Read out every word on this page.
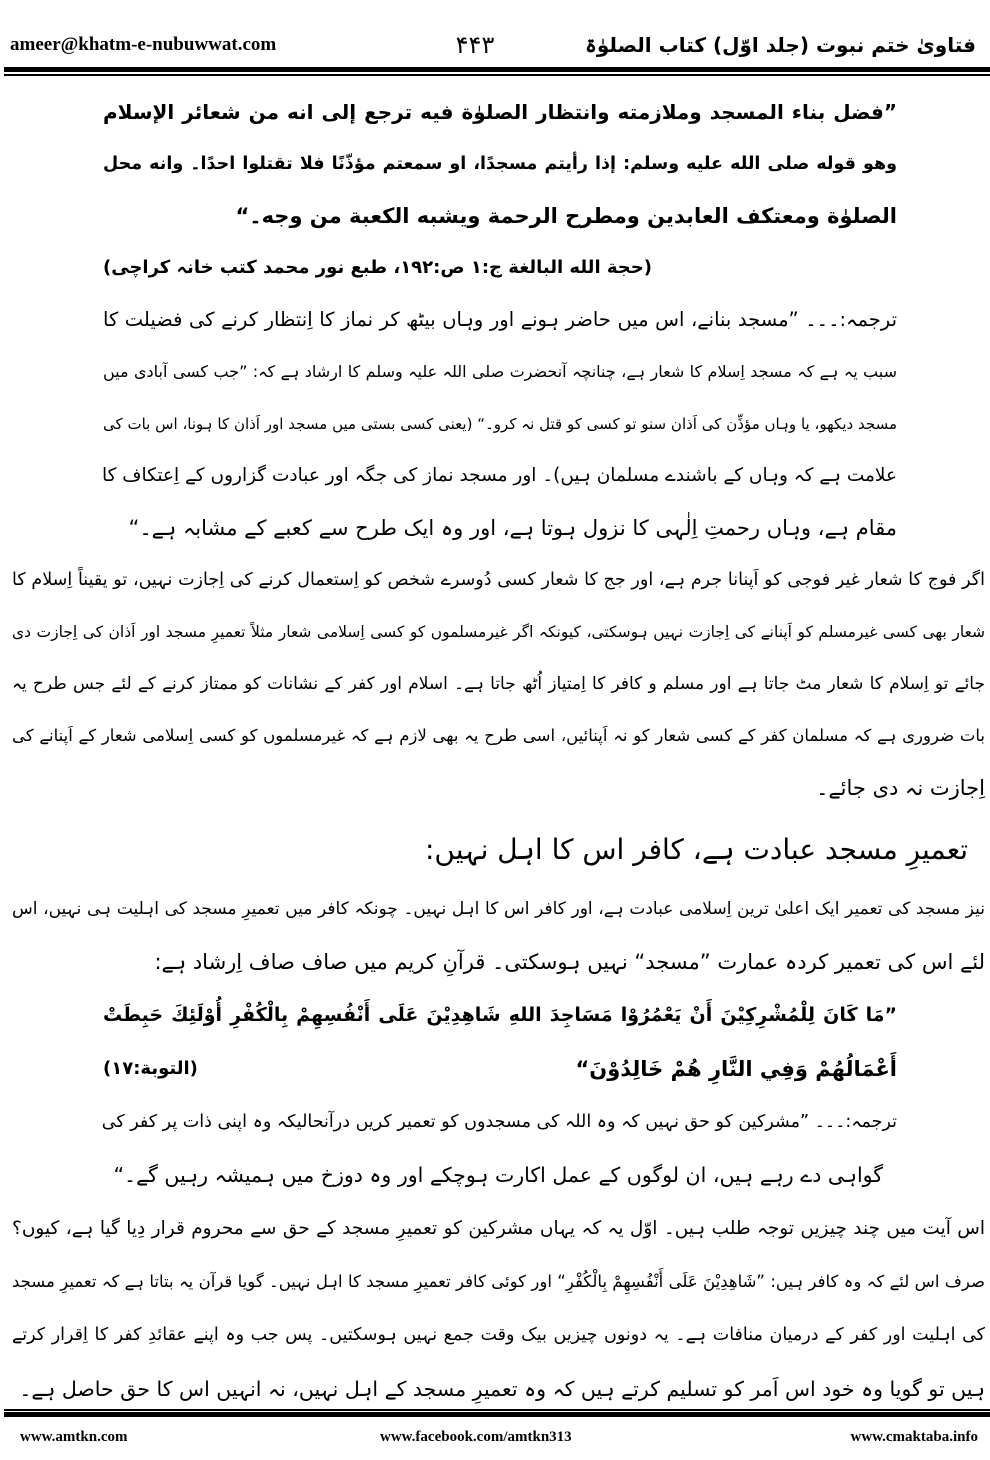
ameer@khatm-e-nubuwwat.com	۴۴۳	فتاویٰ ختم نبوت (جلد اوّل) کتاب الصلوٰۃ
”فضل بناء المسجد وملازمته وانتظار الصلوٰة فيه ترجع إلى انه من شعائر الإسلام
وهو قوله صلى الله عليه وسلم: إذا رأيتم مسجدًا، او سمعتم مؤذّنًا فلا تقتلوا احدًا۔ وانه محل
الصلوٰة ومعتكف العابدين ومطرح الرحمة ويشبه الكعبة من وجه۔“
(حجة الله البالغة ج:۱ ص:۱۹۲، طبع نور محمد کتب خانہ کراچی)
ترجمہ:۔۔۔ ”مسجد بنانے، اس میں حاضر ہونے اور وہاں بیٹھ کر نماز کا اِنتظار کرنے کی فضیلت کا
سبب یہ ہے کہ مسجد اِسلام کا شعار ہے، چنانچہ آنحضرت صلی اللہ علیہ وسلم کا ارشاد ہے کہ: ”جب کسی آبادی میں
مسجد دیکھو، یا وہاں مؤذِّن کی اَذان سنو تو کسی کو قتل نہ کرو۔“ (یعنی کسی بستی میں مسجد اور اَذان کا ہونا، اس بات کی
علامت ہے کہ وہاں کے باشندے مسلمان ہیں)۔ اور مسجد نماز کی جگہ اور عبادت گزاروں کے اِعتکاف کا
مقام ہے، وہاں رحمتِ اِلٰہی کا نزول ہوتا ہے، اور وہ ایک طرح سے کعبے کے مشابہ ہے۔“
اگر فوج کا شعار غیر فوجی کو اَپنانا جرم ہے، اور جج کا شعار کسی دُوسرے شخص کو اِستعمال کرنے کی اِجازت نہیں، تو یقیناً اِسلام کا
شعار بھی کسی غیرمسلم کو اَپنانے کی اِجازت نہیں ہوسکتی، کیونکہ اگر غیرمسلموں کو کسی اِسلامی شعار مثلاً تعمیرِ مسجد اور اَذان کی اِجازت دی
جائے تو اِسلام کا شعار مٹ جاتا ہے اور مسلم و کافر کا اِمتیاز اُٹھ جاتا ہے۔ اسلام اور کفر کے نشانات کو ممتاز کرنے کے لئے جس طرح یہ
بات ضروری ہے کہ مسلمان کفر کے کسی شعار کو نہ اَپنائیں، اسی طرح یہ بھی لازم ہے کہ غیرمسلموں کو کسی اِسلامی شعار کے اَپنانے کی
اِجازت نہ دی جائے۔
تعمیرِ مسجد عبادت ہے، کافر اس کا اہل نہیں:
نیز مسجد کی تعمیر ایک اعلیٰ ترین اِسلامی عبادت ہے، اور کافر اس کا اہل نہیں۔ چونکہ کافر میں تعمیرِ مسجد کی اہلیت ہی نہیں، اس
لئے اس کی تعمیر کردہ عمارت ”مسجد“ نہیں ہوسکتی۔ قرآنِ کریم میں صاف صاف اِرشاد ہے:
”مَا كَانَ لِلْمُشْرِكِيْنَ أَنْ يَعْمُرُوْا مَسَاجِدَ اللهِ شَاهِدِيْنَ عَلَى أَنْفُسِهِمْ بِالْكُفْرِ أُوْلَئِكَ حَبِطَتْ
أَعْمَالُهُمْ وَفِي النَّارِ هُمْ خَالِدُوْنَ“
(التوبة:۱۷)
ترجمہ:۔۔۔ ”مشرکین کو حق نہیں کہ وہ اللہ کی مسجدوں کو تعمیر کریں درآنحالیکہ وہ اپنی ذات پر کفر کی
گواہی دے رہے ہیں، ان لوگوں کے عمل اکارت ہوچکے اور وہ دوزخ میں ہمیشہ رہیں گے۔“
اس آیت میں چند چیزیں توجہ طلب ہیں۔ اوّل یہ کہ یہاں مشرکین کو تعمیرِ مسجد کے حق سے محروم قرار دِیا گیا ہے، کیوں؟
صرف اس لئے کہ وہ کافر ہیں: ”شَاهِدِيْنَ عَلَى أَنْفُسِهِمْ بِالْكُفْرِ“ اور کوئی کافر تعمیرِ مسجد کا اہل نہیں۔ گویا قرآن یہ بتاتا ہے کہ تعمیرِ مسجد
کی اہلیت اور کفر کے درمیان منافات ہے۔ یہ دونوں چیزیں بیک وقت جمع نہیں ہوسکتیں۔ پس جب وہ اپنے عقائدِ کفر کا اِقرار کرتے
ہیں تو گویا وہ خود اس اَمر کو تسلیم کرتے ہیں کہ وہ تعمیرِ مسجد کے اہل نہیں، نہ انہیں اس کا حق حاصل ہے۔
www.amtkn.com	www.facebook.com/amtkn313	www.cmaktaba.info
